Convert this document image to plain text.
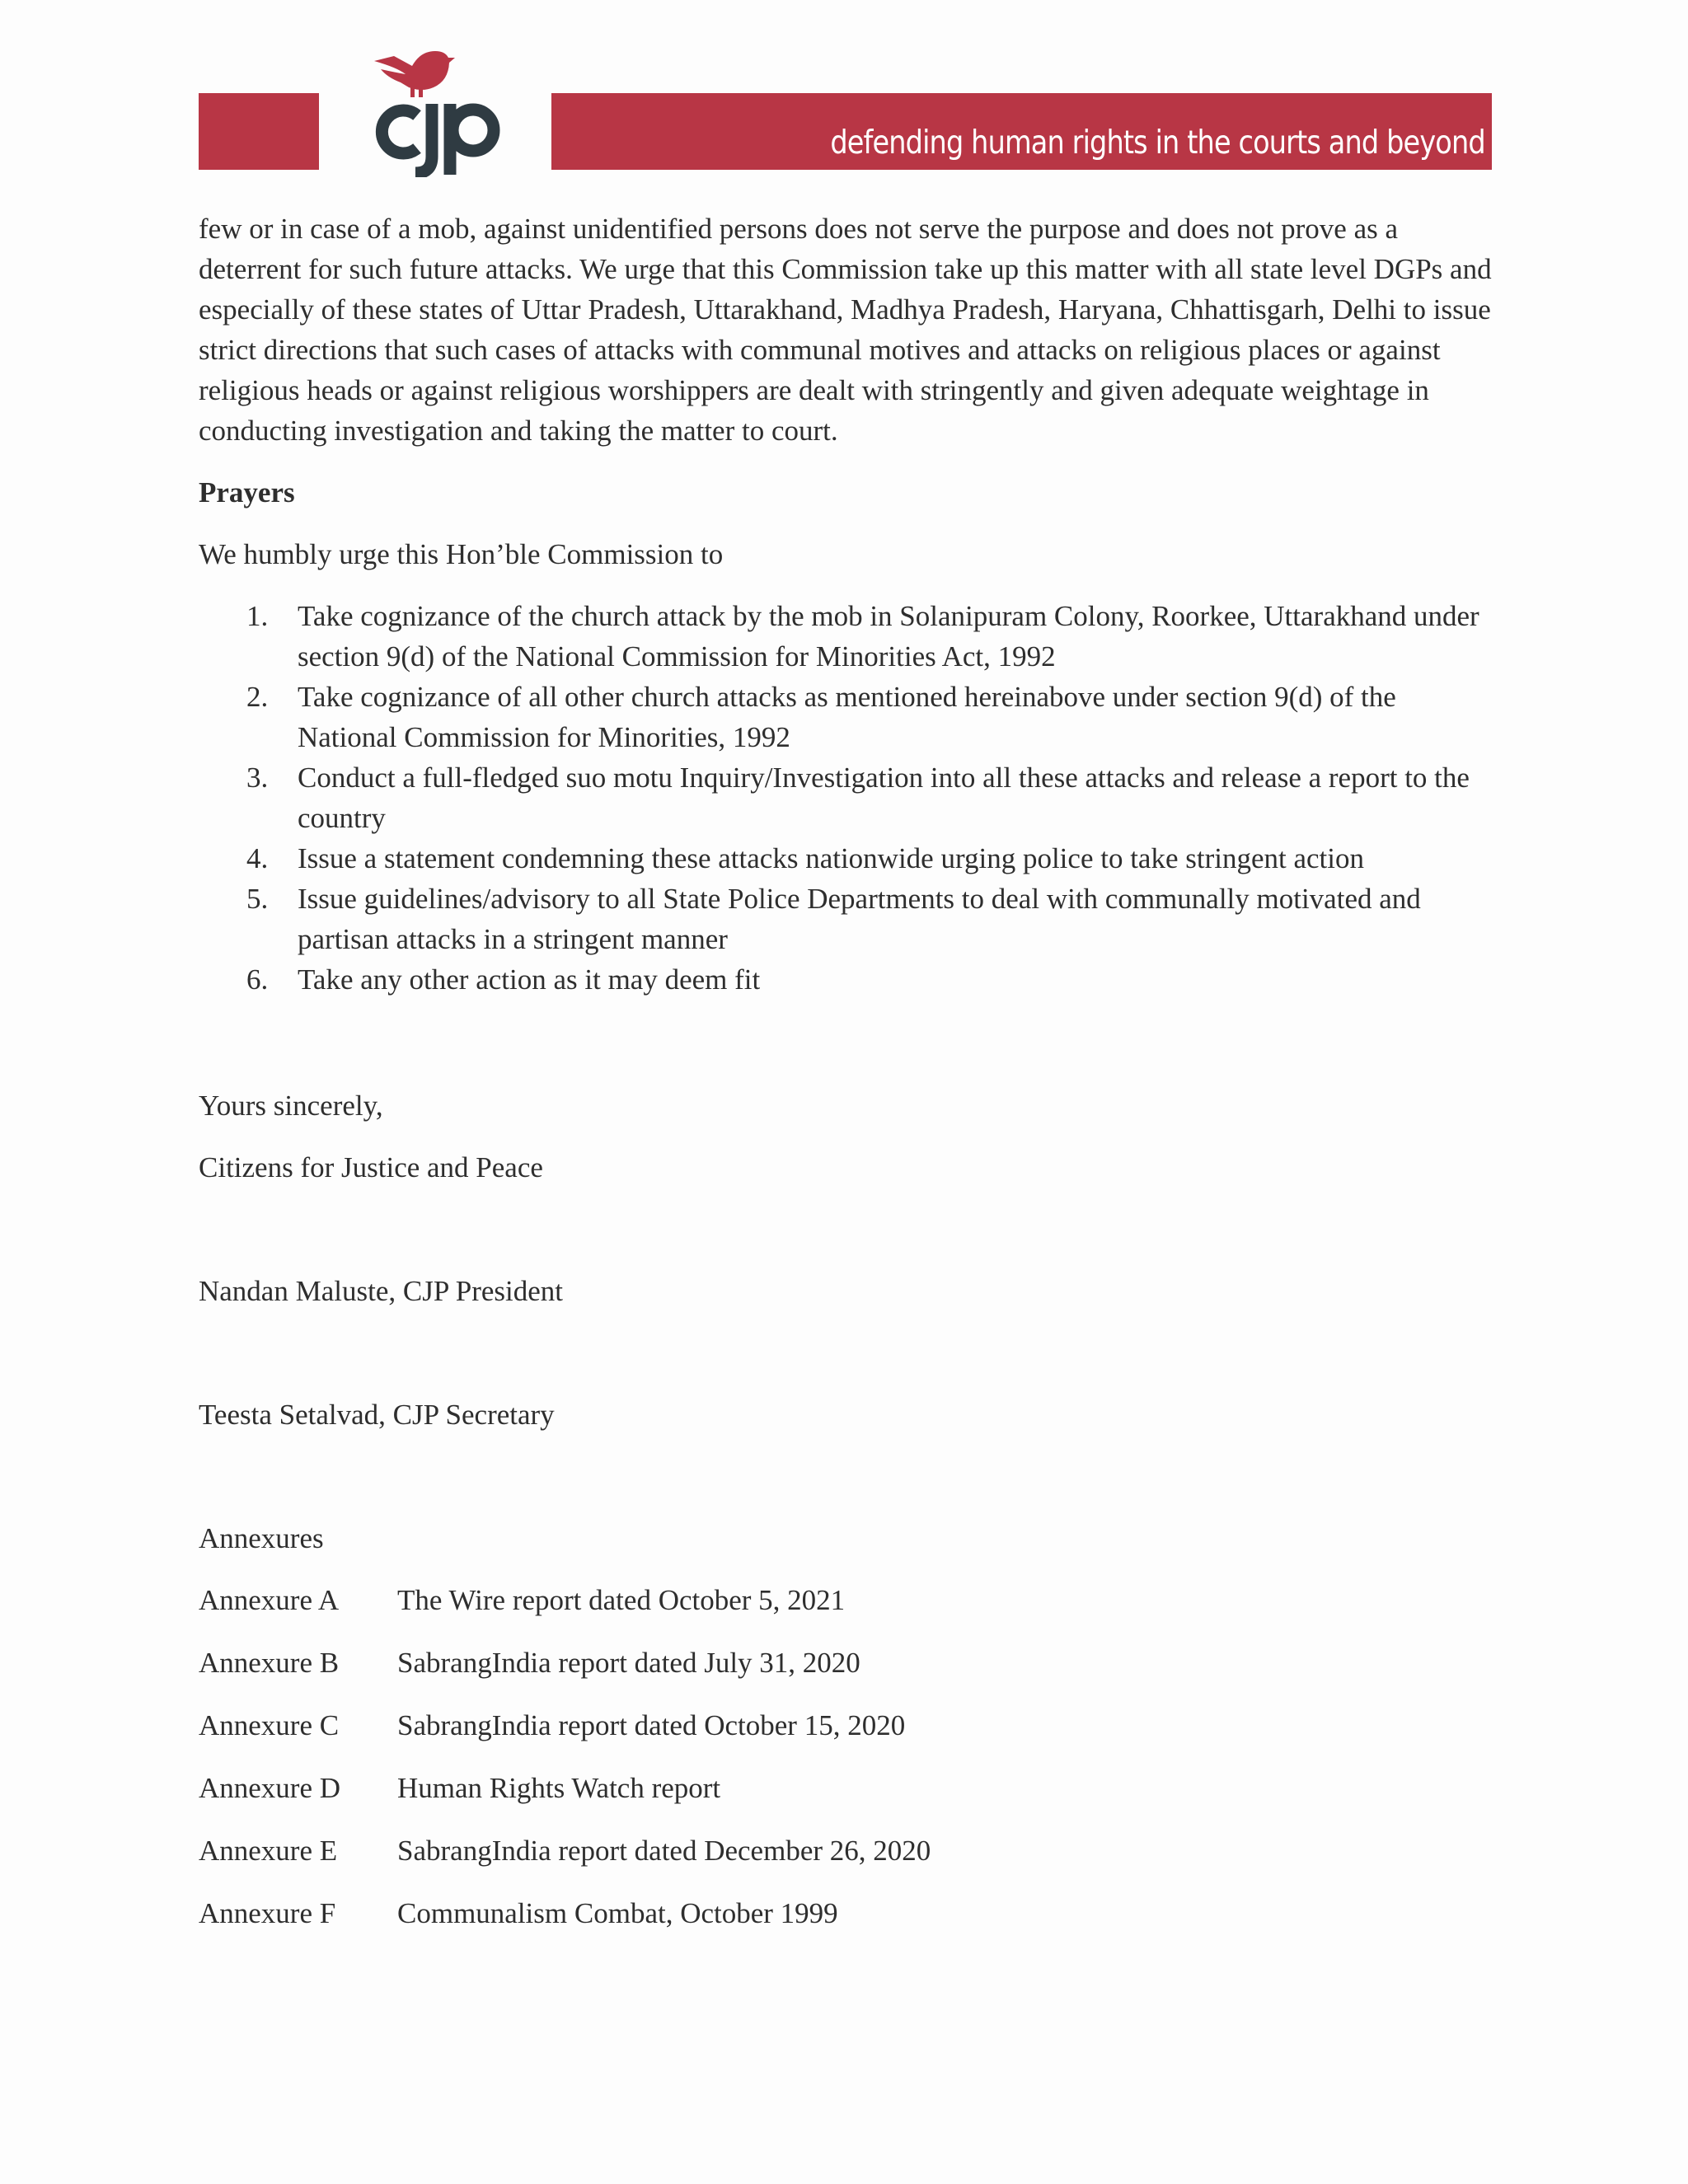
defending human rights in the courts and beyond

few or in case of a mob, against unidentified persons does not serve the purpose and does not prove as a deterrent for such future attacks. We urge that this Commission take up this matter with all state level DGPs and especially of these states of Uttar Pradesh, Uttarakhand, Madhya Pradesh, Haryana, Chhattisgarh, Delhi to issue strict directions that such cases of attacks with communal motives and attacks on religious places or against religious heads or against religious worshippers are dealt with stringently and given adequate weightage in conducting investigation and taking the matter to court.

Prayers

We humbly urge this Hon’ble Commission to

1. Take cognizance of the church attack by the mob in Solanipuram Colony, Roorkee, Uttarakhand under section 9(d) of the National Commission for Minorities Act, 1992
2. Take cognizance of all other church attacks as mentioned hereinabove under section 9(d) of the National Commission for Minorities, 1992
3. Conduct a full-fledged suo motu Inquiry/Investigation into all these attacks and release a report to the country
4. Issue a statement condemning these attacks nationwide urging police to take stringent action
5. Issue guidelines/advisory to all State Police Departments to deal with communally motivated and partisan attacks in a stringent manner
6. Take any other action as it may deem fit
Yours sincerely,
Citizens for Justice and Peace
Nandan Maluste, CJP President
Teesta Setalvad, CJP Secretary
Annexures
Annexure A	The Wire report dated October 5, 2021
Annexure B	SabrangIndia report dated July 31, 2020
Annexure C	SabrangIndia report dated October 15, 2020
Annexure D	Human Rights Watch report
Annexure E	SabrangIndia report dated December 26, 2020
Annexure F	Communalism Combat, October 1999
